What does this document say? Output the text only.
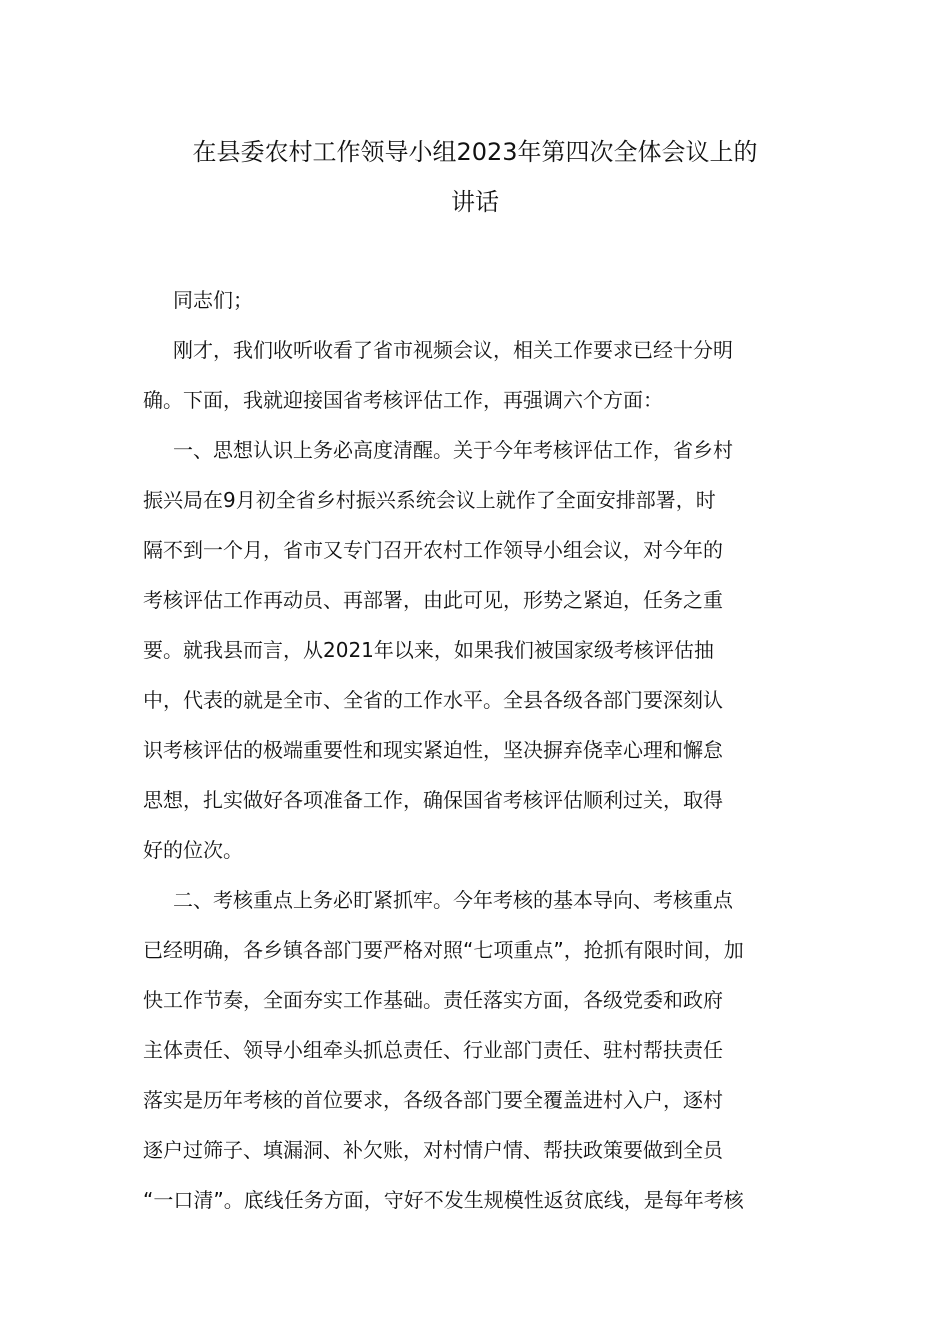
在县委农村工作领导小组2023年第四次全体会议上的
讲话
同志们；
刚才，我们收听收看了省市视频会议，相关工作要求已经十分明
确。下面，我就迎接国省考核评估工作，再强调六个方面：
一、思想认识上务必高度清醒。关于今年考核评估工作，省乡村
振兴局在9月初全省乡村振兴系统会议上就作了全面安排部署，时
隔不到一个月，省市又专门召开农村工作领导小组会议，对今年的
考核评估工作再动员、再部署，由此可见，形势之紧迫，任务之重
要。就我县而言，从2021年以来，如果我们被国家级考核评估抽
中，代表的就是全市、全省的工作水平。全县各级各部门要深刻认
识考核评估的极端重要性和现实紧迫性，坚决摒弃侥幸心理和懈怠
思想，扎实做好各项准备工作，确保国省考核评估顺利过关，取得
好的位次。
二、考核重点上务必盯紧抓牢。今年考核的基本导向、考核重点
已经明确，各乡镇各部门要严格对照“七项重点”，抢抓有限时间，加
快工作节奏，全面夯实工作基础。责任落实方面，各级党委和政府
主体责任、领导小组牵头抓总责任、行业部门责任、驻村帮扶责任
落实是历年考核的首位要求，各级各部门要全覆盖进村入户，逐村
逐户过筛子、填漏洞、补欠账，对村情户情、帮扶政策要做到全员
“一口清”。底线任务方面，守好不发生规模性返贫底线，是每年考核
